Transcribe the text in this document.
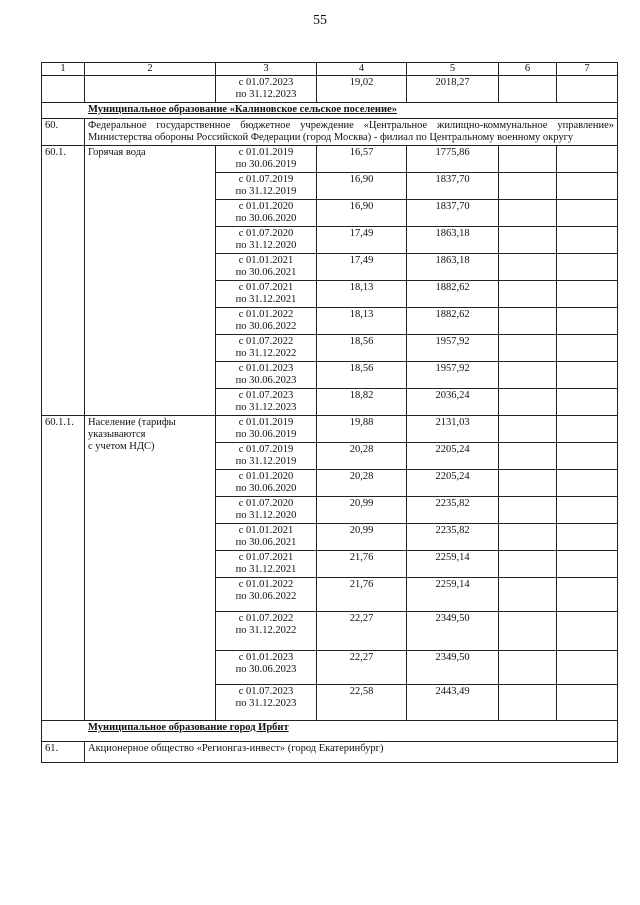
55
1	2	3	4	5	6	7
		с 01.07.2023
по 31.12.2023	19,02	2018,27		
Муниципальное образование «Калиновское сельское поселение»						
60.	Федеральное государственное бюджетное учреждение «Центральное жилищно-коммунальное управление» Министерства обороны Российской Федерации (город Москва) - филиал по Центральному военному округу					
60.1.	Горячая вода	с 01.01.2019
по 30.06.2019	16,57	1775,86		
		с 01.07.2019
по 31.12.2019	16,90	1837,70		
		с 01.01.2020
по 30.06.2020	16,90	1837,70		
		с 01.07.2020
по 31.12.2020	17,49	1863,18		
		с 01.01.2021
по 30.06.2021	17,49	1863,18		
		с 01.07.2021
по 31.12.2021	18,13	1882,62		
		с 01.01.2022
по 30.06.2022	18,13	1882,62		
		с 01.07.2022
по 31.12.2022	18,56	1957,92		
		с 01.01.2023
по 30.06.2023	18,56	1957,92		
		с 01.07.2023
по 31.12.2023	18,82	2036,24		
60.1.1.	Население (тарифы
указываются
с учетом НДС)	с 01.01.2019
по 30.06.2019	19,88	2131,03		
		с 01.07.2019
по 31.12.2019	20,28	2205,24		
		с 01.01.2020
по 30.06.2020	20,28	2205,24		
		с 01.07.2020
по 31.12.2020	20,99	2235,82		
		с 01.01.2021
по 30.06.2021	20,99	2235,82		
		с 01.07.2021
по 31.12.2021	21,76	2259,14		
		с 01.01.2022
по 30.06.2022	21,76	2259,14		
		с 01.07.2022
по 31.12.2022	22,27	2349,50		
		с 01.01.2023
по 30.06.2023	22,27	2349,50		
		с 01.07.2023
по 31.12.2023	22,58	2443,49		
Муниципальное образование город Ирбит						
61.	Акционерное общество «Регионгаз-инвест» (город Екатеринбург)					
